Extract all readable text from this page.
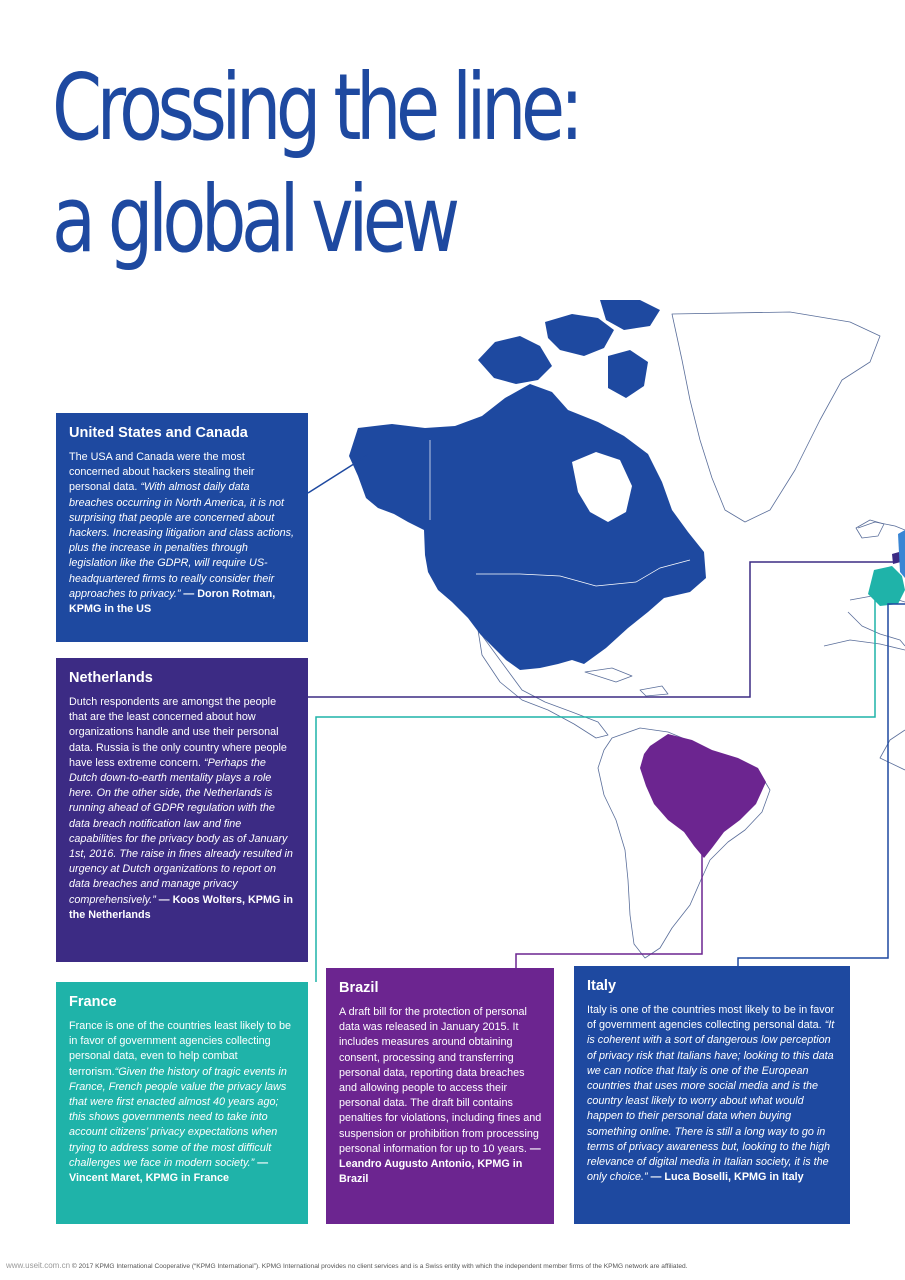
Crossing the line:
a global view
United States and Canada

The USA and Canada were the most concerned about hackers stealing their personal data. “With almost daily data breaches occurring in North America, it is not surprising that people are concerned about hackers. Increasing litigation and class actions, plus the increase in penalties through legislation like the GDPR, will require US-headquartered firms to really consider their approaches to privacy.” — Doron Rotman, KPMG in the US

Netherlands

Dutch respondents are amongst the people that are the least concerned about how organizations handle and use their personal data. Russia is the only country where people have less extreme concern. “Perhaps the Dutch down-to-earth mentality plays a role here. On the other side, the Netherlands is running ahead of GDPR regulation with the data breach notification law and fine capabilities for the privacy body as of January 1st, 2016. The raise in fines already resulted in urgency at Dutch organizations to report on data breaches and manage privacy comprehensively.” — Koos Wolters, KPMG in the Netherlands

France

France is one of the countries least likely to be in favor of government agencies collecting personal data, even to help combat terrorism.“Given the history of tragic events in France, French people value the privacy laws that were first enacted almost 40 years ago; this shows governments need to take into account citizens’ privacy expectations when trying to address some of the most difficult challenges we face in modern society.” — Vincent Maret, KPMG in France

Brazil

A draft bill for the protection of personal data was released in January 2015. It includes measures around obtaining consent, processing and transferring personal data, reporting data breaches and allowing people to access their personal data. The draft bill contains penalties for violations, including fines and suspension or prohibition from processing personal information for up to 10 years. — Leandro Augusto Antonio, KPMG in Brazil

Italy

Italy is one of the countries most likely to be in favor of government agencies collecting personal data. “It is coherent with a sort of dangerous low perception of privacy risk that Italians have; looking to this data we can notice that Italy is one of the European countries that uses more social media and is the country least likely to worry about what would happen to their personal data when buying something online. There is still a long way to go in terms of privacy awareness but, looking to the high relevance of digital media in Italian society, it is the only choice.” — Luca Boselli, KPMG in Italy

www.useit.com.cn © 2017 KPMG International Cooperative (“KPMG International”). KPMG International provides no client services and is a Swiss entity with which the independent member firms of the KPMG network are affiliated.
